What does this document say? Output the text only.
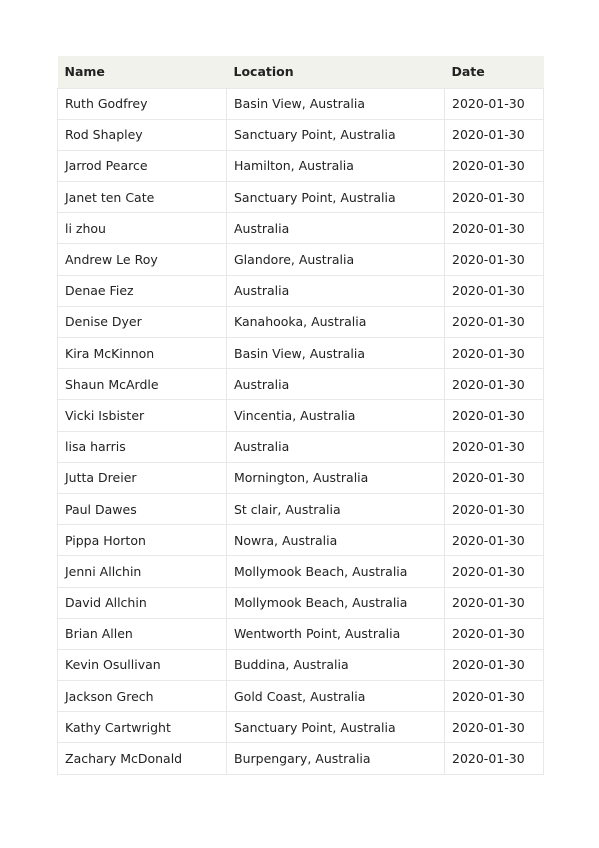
Name	Location	Date
Ruth Godfrey	Basin View, Australia	2020-01-30
Rod Shapley	Sanctuary Point, Australia	2020-01-30
Jarrod Pearce	Hamilton, Australia	2020-01-30
Janet ten Cate	Sanctuary Point, Australia	2020-01-30
li zhou	Australia	2020-01-30
Andrew Le Roy	Glandore, Australia	2020-01-30
Denae Fiez	Australia	2020-01-30
Denise Dyer	Kanahooka, Australia	2020-01-30
Kira McKinnon	Basin View, Australia	2020-01-30
Shaun McArdle	Australia	2020-01-30
Vicki Isbister	Vincentia, Australia	2020-01-30
lisa harris	Australia	2020-01-30
Jutta Dreier	Mornington, Australia	2020-01-30
Paul Dawes	St clair, Australia	2020-01-30
Pippa Horton	Nowra, Australia	2020-01-30
Jenni Allchin	Mollymook Beach, Australia	2020-01-30
David Allchin	Mollymook Beach, Australia	2020-01-30
Brian Allen	Wentworth Point, Australia	2020-01-30
Kevin Osullivan	Buddina, Australia	2020-01-30
Jackson Grech	Gold Coast, Australia	2020-01-30
Kathy Cartwright	Sanctuary Point, Australia	2020-01-30
Zachary McDonald	Burpengary, Australia	2020-01-30
